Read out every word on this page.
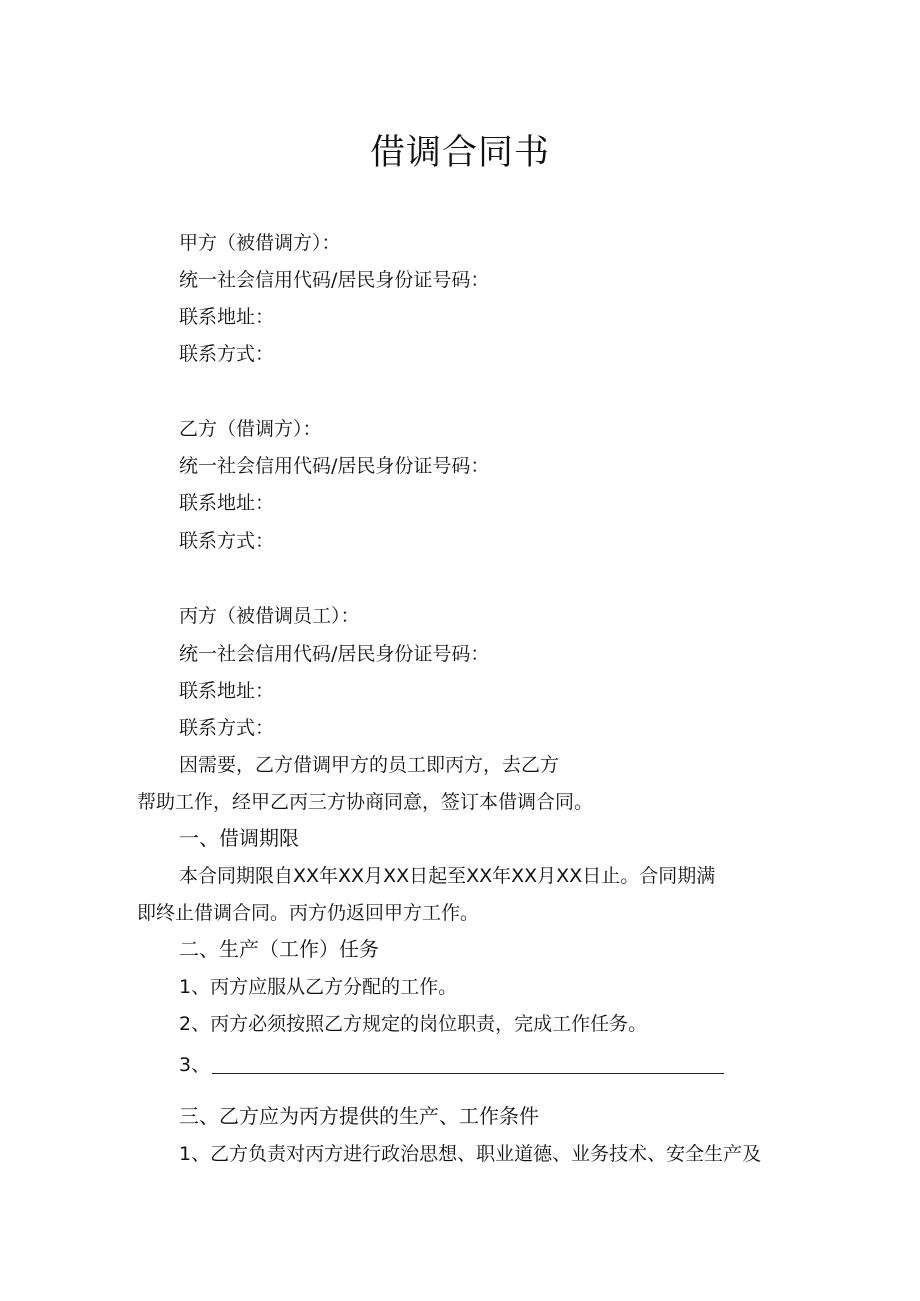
借调合同书
甲方（被借调方）：
统一社会信用代码/居民身份证号码：
联系地址：
联系方式：
乙方（借调方）：
统一社会信用代码/居民身份证号码：
联系地址：
联系方式：
丙方（被借调员工）：
统一社会信用代码/居民身份证号码：
联系地址：
联系方式：
因需要，乙方借调甲方的员工即丙方，去乙方
帮助工作，经甲乙丙三方协商同意，签订本借调合同。
一、借调期限
本合同期限自XX年XX月XX日起至XX年XX月XX日止。合同期满
即终止借调合同。丙方仍返回甲方工作。
二、生产（工作）任务
1、丙方应服从乙方分配的工作。
2、丙方必须按照乙方规定的岗位职责，完成工作任务。
3、
三、乙方应为丙方提供的生产、工作条件
1、乙方负责对丙方进行政治思想、职业道德、业务技术、安全生产及
